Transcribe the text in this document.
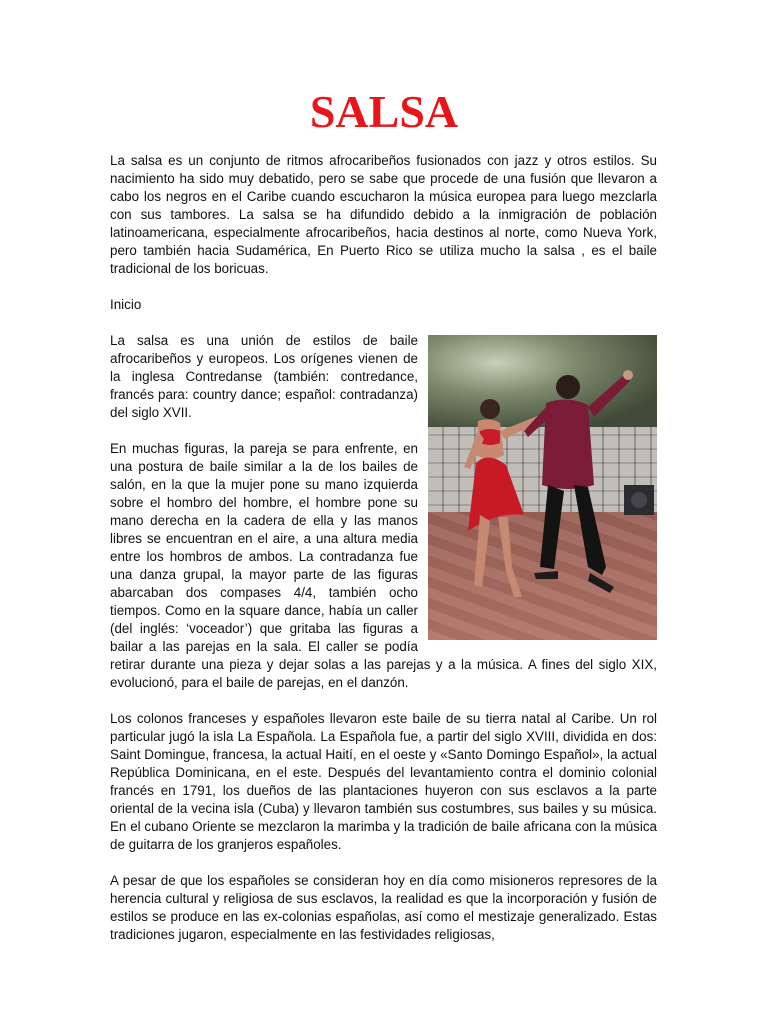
SALSA

La salsa es un conjunto de ritmos afrocaribeños fusionados con jazz y otros estilos. Su nacimiento ha sido muy debatido, pero se sabe que procede de una fusión que llevaron a cabo los negros en el Caribe cuando escucharon la música europea para luego mezclarla con sus tambores. La salsa se ha difundido debido a la inmigración de población latinoamericana, especialmente afrocaribeños, hacia destinos al norte, como Nueva York, pero también hacia Sudamérica, En Puerto Rico se utiliza mucho la salsa , es el baile tradicional de los boricuas.

Inicio

La salsa es una unión de estilos de baile afrocaribeños y europeos. Los orígenes vienen de la inglesa Contredanse (también: contredance, francés para: country dance; español: contradanza) del siglo XVII.

En muchas figuras, la pareja se para enfrente, en una postura de baile similar a la de los bailes de salón, en la que la mujer pone su mano izquierda sobre el hombro del hombre, el hombre pone su mano derecha en la cadera de ella y las manos libres se encuentran en el aire, a una altura media entre los hombros de ambos. La contradanza fue una danza grupal, la mayor parte de las figuras abarcaban dos compases 4/4, también ocho tiempos. Como en la square dance, había un caller (del inglés: ‘voceador’) que gritaba las figuras a bailar a las parejas en la sala. El caller se podía retirar durante una pieza y dejar solas a las parejas y a la música. A fines del siglo XIX, evolucionó, para el baile de parejas, en el danzón.

Los colonos franceses y españoles llevaron este baile de su tierra natal al Caribe. Un rol particular jugó la isla La Española. La Española fue, a partir del siglo XVIII, dividida en dos: Saint Domingue, francesa, la actual Haití, en el oeste y «Santo Domingo Español», la actual República Dominicana, en el este. Después del levantamiento contra el dominio colonial francés en 1791, los dueños de las plantaciones huyeron con sus esclavos a la parte oriental de la vecina isla (Cuba) y llevaron también sus costumbres, sus bailes y su música. En el cubano Oriente se mezclaron la marimba y la tradición de baile africana con la música de guitarra de los granjeros españoles.

A pesar de que los españoles se consideran hoy en día como misioneros represores de la herencia cultural y religiosa de sus esclavos, la realidad es que la incorporación y fusión de estilos se produce en las ex-colonias españolas, así como el mestizaje generalizado. Estas tradiciones jugaron, especialmente en las festividades religiosas,
